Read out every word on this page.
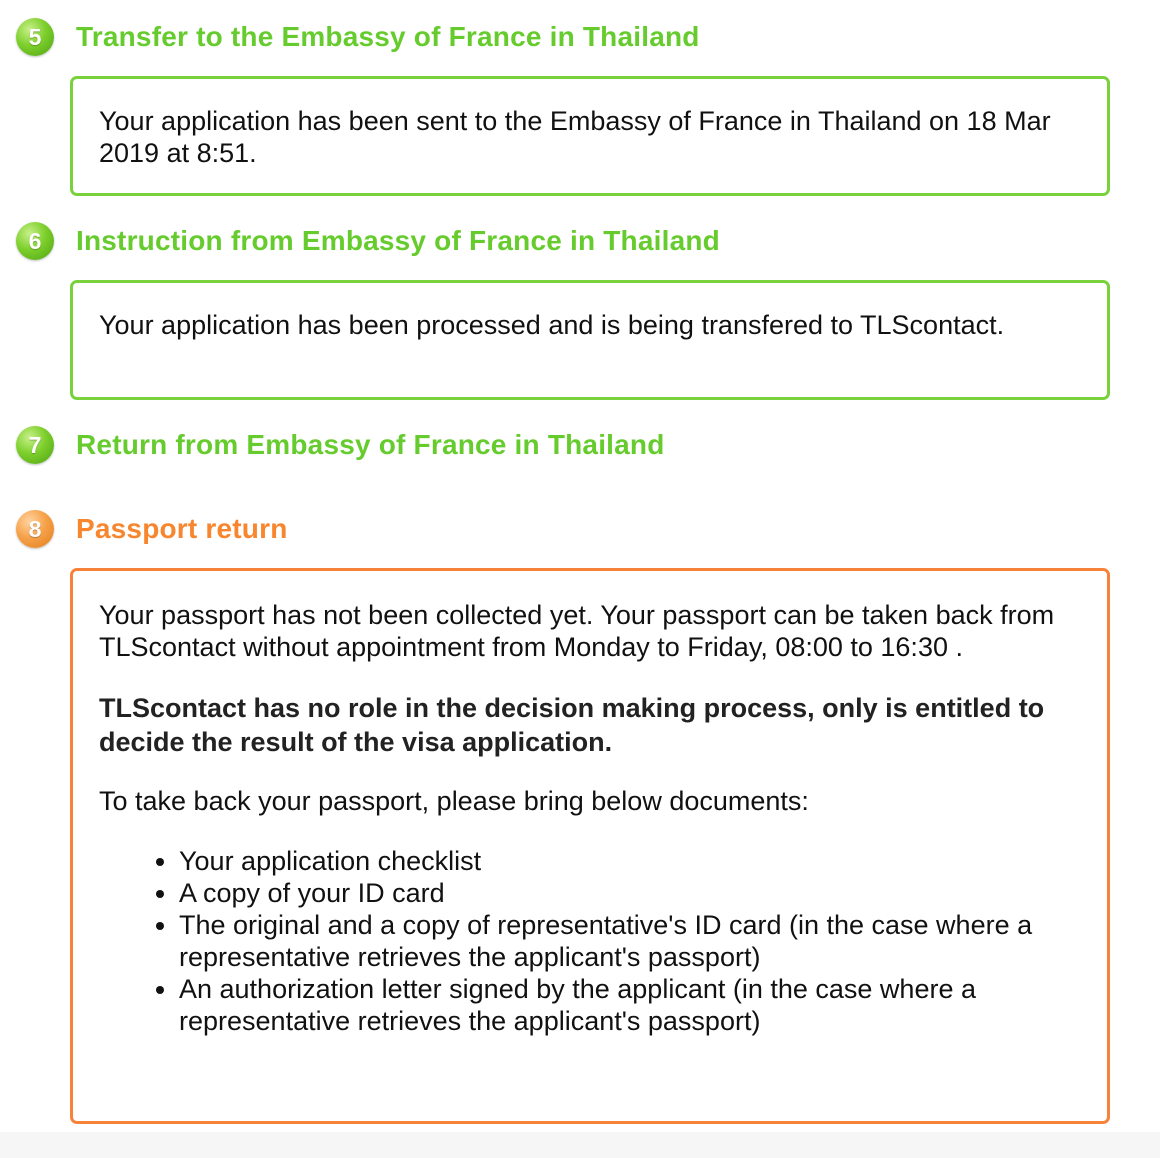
5 Transfer to the Embassy of France in Thailand

Your application has been sent to the Embassy of France in Thailand on 18 Mar 2019 at 8:51.

6 Instruction from Embassy of France in Thailand

Your application has been processed and is being transfered to TLScontact.

7 Return from Embassy of France in Thailand
8 Passport return

Your passport has not been collected yet. Your passport can be taken back from TLScontact without appointment from Monday to Friday, 08:00 to 16:30 .

TLScontact has no role in the decision making process, only is entitled to decide the result of the visa application.

To take back your passport, please bring below documents:

• Your application checklist
• A copy of your ID card
• The original and a copy of representative's ID card (in the case where a representative retrieves the applicant's passport)
• An authorization letter signed by the applicant (in the case where a representative retrieves the applicant's passport)
